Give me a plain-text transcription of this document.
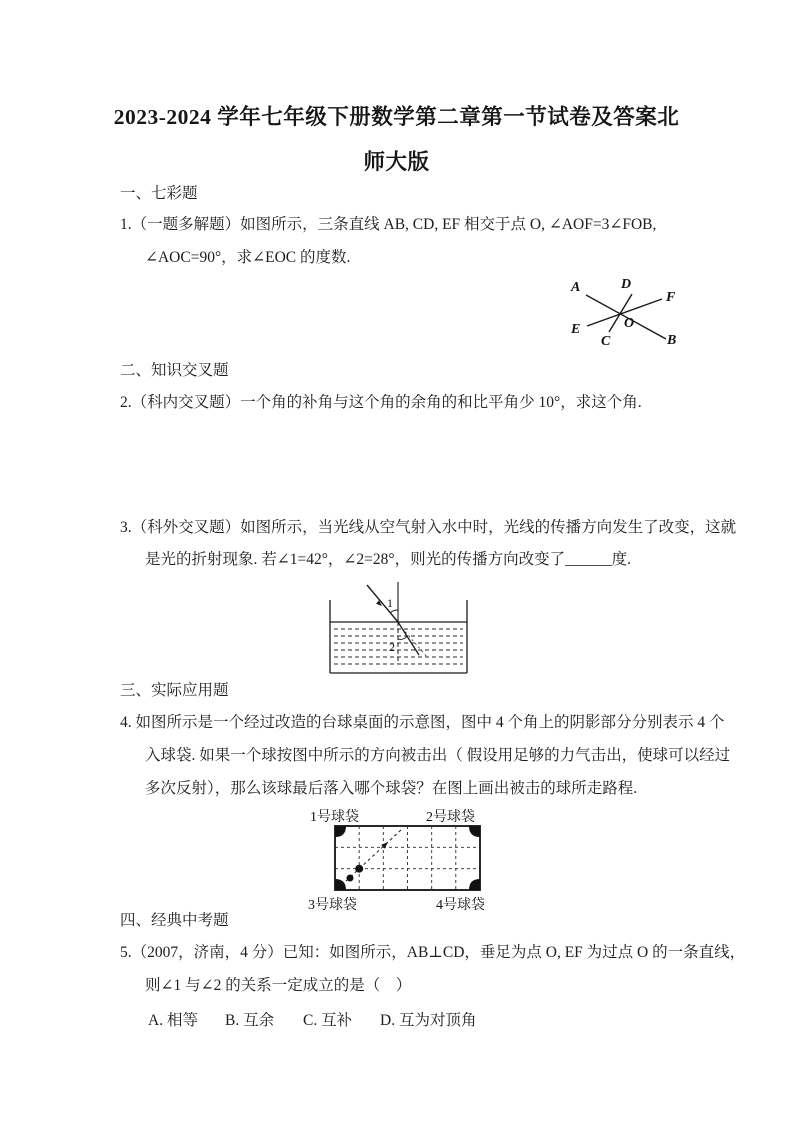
2023-2024 学年七年级下册数学第二章第一节试卷及答案北师大版
一、七彩题
1.（一题多解题）如图所示，三条直线 AB, CD, EF 相交于点 O, ∠AOF=3∠FOB,
∠AOC=90°，求∠EOC 的度数.
A	D
F
E	O
C	B
二、知识交叉题
2.（科内交叉题）一个角的补角与这个角的余角的和比平角少 10°，求这个角.
3.（科外交叉题）如图所示，当光线从空气射入水中时，光线的传播方向发生了改变，这就
是光的折射现象. 若∠1=42°，∠2=28°，则光的传播方向改变了______度.
1
2
三、实际应用题
4. 如图所示是一个经过改造的台球桌面的示意图，图中 4 个角上的阴影部分分别表示 4 个
入球袋. 如果一个球按图中所示的方向被击出（ 假设用足够的力气击出，使球可以经过
多次反射），那么该球最后落入哪个球袋？在图上画出被击的球所走路程.
1号球袋	2号球袋
3号球袋	4号球袋
四、经典中考题
5.（2007，济南，4 分）已知：如图所示，AB⊥CD，垂足为点 O, EF 为过点 O 的一条直线，
则∠1 与∠2 的关系一定成立的是（　）
A. 相等 B. 互余 C. 互补 D. 互为对顶角
